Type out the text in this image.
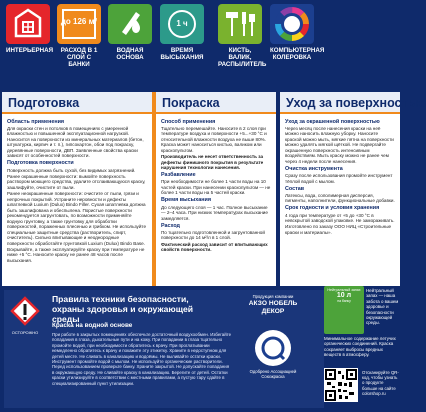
ИНТЕРЬЕРНАЯ
до 126 м²
РАСХОД В 1 СЛОЙ С БАНКИ
ВОДНАЯ ОСНОВА
1 ч
ВРЕМЯ ВЫСЫХАНИЯ
КИСТЬ, ВАЛИК, РАСПЫЛИТЕЛЬ
КОМПЬЮТЕРНАЯ КОЛЕРОВКА
Подготовка
Область применения

Для окраски стен и потолков в помещениях с умеренной влажностью и повышенной эксплуатационной нагрузкой. Наносится на поверхности из минеральных материалов (бетон, штукатурка, кирпич и т. п.), гипсокартон, обои под покраску, деревянные поверхности, ДВП. Заявленные свойства краски зависят от особенностей поверхности.

Подготовка поверхности

Поверхность должна быть сухой, без видимых загрязнений.

Ранее окрашенные поверхности: вымойте поверхность раствором моющего средства, удалите отслаивающуюся краску, зашлифуйте, очистите от пыли.

Ранее неокрашенные поверхности: очистите от пыли, грязи и непрочных покрытий. Устраните неровности и дефекты шпатлевкой Luxium (Dulux) Bindo Filler. Сухая шпатлевка должна быть зашлифована и обеспылена. Пористые поверхности рекомендуется загрунтовать, по возможности применяйте водную грунтовку, а также грунтовку для обработки поверхностей, пораженных плесенью и грибком. Не используйте специальные защитные средства (растворитель, спирт, очиститель). Сильно впитывающие и неоднородные поверхности обработайте грунтовкой Luxium (Dulux) Bindo Base.

Вскрывайте, а также эксплуатируйте краску при температуре не ниже +5 °C. Наносите краску не ранее 48 часов после высыхания.

Покраска
Способ применения

Тщательно перемешайте. Наносите в 2 слоя при температуре воздуха и поверхности +5...+30 °C и относительной влажности воздуха не выше 80%. Краска может наноситься кистью, валиком или краскопультом.

Производитель не несет ответственность за дефекты финишного покрытия в результате нарушения технологии нанесения.

Разбавление

При необходимости не более 1 части воды на 10 частей краски. При нанесении краскопультом — не более 1 части воды на 5 частей краски.

Время высыхания

До следующего слоя — 1 час. Полное высыхание — 2–4 часа. При низких температурах высыхание замедляется.

Расход

По тщательно подготовленной и загрунтованной поверхности до 14 м²/л в 1 слой.

Фактический расход зависит от впитывающих свойств поверхности.

Уход за поверхностью
Уход за окрашенной поверхностью

Через месяц после нанесения краски на неё можно наносить влажную уборку. Наносите краской можно мыть, мягкие пятна на поверхности можно удалять мягкой щёткой. Не подвергайте окрашенную поверхность интенсивным воздействиям. Мыть краску можно не ранее чем через 4 недели после нанесения.

Очистка инструмента

Сразу после использования промойте инструмент тёплой водой с мылом.

Состав

Латексы, вода, сополимерная дисперсия, пигменты, наполнители, функциональные добавки.

Срок годности и условия хранения

4 года при температуре от +5 до +30 °C в невскрытой заводской упаковке. Не замораживать.

Изготовлено по заказу ООО НИЦ «Строительные краски и материалы».

ОСТОРОЖНО
Правила техники безопасности, охраны здоровья и окружающей среды
Краска на водной основе
При работе в закрытых помещениях обеспечьте достаточный воздухообмен. Избегайте попадания в глаза, дыхательные пути и на кожу. При попадании в глаза тщательно промойте водой, при необходимости обратитесь к врачу. При проглатывании немедленно обратитесь к врачу и покажите эту этикетку. Храните в недоступном для детей месте. Не сливать в канализацию и водоёмы. Не выливайте остатки краски. Инструмент промойте водой с мылом. Не используйте органические растворители. Перед использованием проверьте банку. Храните закрытой. Не допускайте попадания в окружающую среду. Не сливайте краску в канализацию. Берегите от детей. Остатки краски утилизируйте в соответствии с местными правилами, а пустую тару сдайте в специализированный пункт утилизации.
Продукция компании
АКЗО НОБЕЛЬ ДЕКОР
Одобрено Ассоциацией Союзкраска
Нейтральный запах
10 л
на банку
Нейтральный запах — наша забота о вашем здоровье и безопасности окружающей среды.
Минимальное содержание летучих органических соединений. Краска сохраняет выбросы вредных веществ в атмосферу.
Отсканируйте QR-код, чтобы узнать о продукте больше на сайте colorshop.ru
